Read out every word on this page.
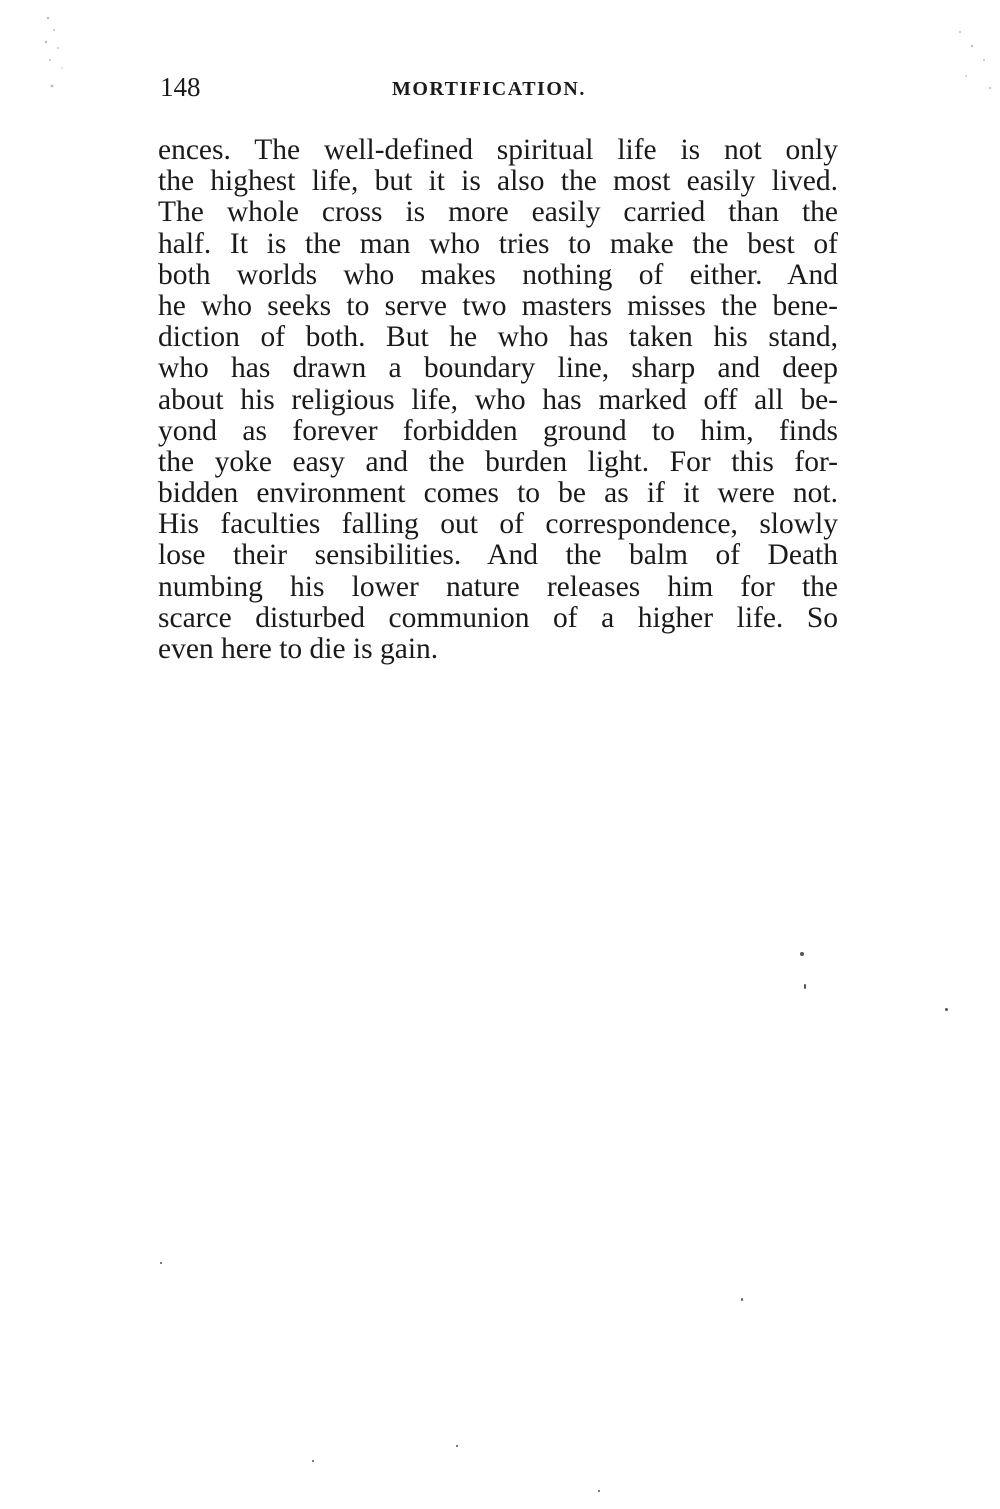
148	MORTIFICATION.
ences. The well-defined spiritual life is not only
the highest life, but it is also the most easily lived.
The whole cross is more easily carried than the
half. It is the man who tries to make the best of
both worlds who makes nothing of either. And
he who seeks to serve two masters misses the bene-
diction of both. But he who has taken his stand,
who has drawn a boundary line, sharp and deep
about his religious life, who has marked off all be-
yond as forever forbidden ground to him, finds
the yoke easy and the burden light. For this for-
bidden environment comes to be as if it were not.
His faculties falling out of correspondence, slowly
lose their sensibilities. And the balm of Death
numbing his lower nature releases him for the
scarce disturbed communion of a higher life. So
even here to die is gain.
